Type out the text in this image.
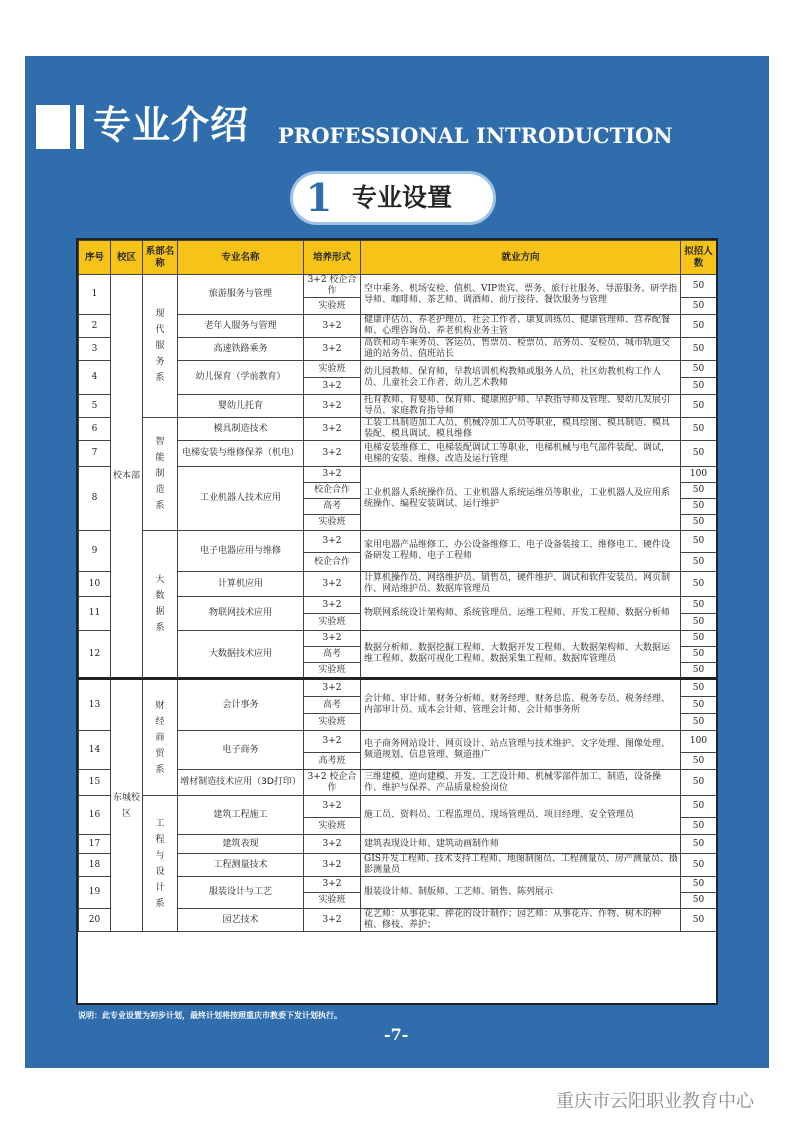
专业介绍 PROFESSIONAL INTRODUCTION
1 专业设置
序号	校区	系部名称	专业名称	培养形式	就业方向	拟招人数
1	校本部	现代服务系	旅游服务与管理	3+2 校企合作	空中乘务、机场安检、值机、VIP贵宾、票务、旅行社服务、导游服务、研学指导师、咖啡师、茶艺师、调酒师、前厅接待、餐饮服务与管理	50
				实验班		50
2			老年人服务与管理	3+2	健康评估员、养老护理员、社会工作者、康复训练员、健康管理师、营养配餐师、心理咨询员、养老机构业务主管	50
3			高速铁路乘务	3+2	高铁和动车乘务员、客运员、售票员、检票员、站务员、安检员、城市轨道交通的站务员、值班站长	50
4			幼儿保育（学前教育）	实验班	幼儿园教师、保育师，早教培训机构教师或服务人员，社区幼教机构工作人员、儿童社会工作者、幼儿艺术教师	50
				3+2		50
5			婴幼儿托育	3+2	托育教师、育婴师、保育师、健康照护师、早教指导师及管理、婴幼儿发展引导员、家庭教育指导师	50
6		智能制造系	模具制造技术	3+2	工装工具制造加工人员、机械冷加工人员等职业，模具绘图、模具制造、模具装配、模具调试、模具维修	50
7			电梯安装与维修保养（机电）	3+2	电梯安装维修工、电梯装配调试工等职业，电梯机械与电气部件装配、调试，电梯的安装、维修、改造及运行管理	50
8			工业机器人技术应用	3+2	工业机器人系统操作员、工业机器人系统运维员等职业，工业机器人及应用系统操作、编程安装调试、运行维护	100
				校企合作		50
				高考		50
				实验班		50
9		大数据系	电子电器应用与维修	3+2	家用电器产品维修工、办公设备维修工、电子设备装接工、维修电工、硬件设备研发工程师、电子工程师	50
				校企合作		50
10			计算机应用	3+2	计算机操作员、网络维护员、销售员，硬件维护、调试和软件安装员、网页制作、网站维护员、数据库管理员	50
11			物联网技术应用	3+2	物联网系统设计架构师、系统管理员、运维工程师、开发工程师、数据分析师	50
				实验班		50
12			大数据技术应用	3+2	数据分析师、数据挖掘工程师、大数据开发工程师、大数据架构师、大数据运维工程师、数据可视化工程师、数据采集工程师、数据库管理员	50
				高考		50
				实验班		50
13	东城校区	财经商贸系	会计事务	3+2	会计师、审计师、财务分析师、财务经理、财务总监、税务专员、税务经理、内部审计员、成本会计师、管理会计师、会计师事务所	50
				高考		50
				实验班		50
14			电子商务	3+2	电子商务网站设计、网页设计、站点管理与技术维护、文字处理、图像处理、频道规划、信息管理、频道推广	100
				高考班		50
15			增材制造技术应用（3D打印）	3+2 校企合作	三维建模、逆向建模、开发、工艺设计师、机械零部件加工、制造，设备操作、维护与保养、产品质量检验岗位	50
16		工程与设计系	建筑工程施工	3+2	施工员、资料员、工程监理员、现场管理员、项目经理、安全管理员	50
				实验班		50
17			建筑表现	3+2	建筑表现设计师、建筑动画制作师	50
18			工程测量技术	3+2	GIS开发工程师、技术支持工程师、地图制图员、工程测量员、房产测量员、摄影测量员	50
19			服装设计与工艺	3+2	服装设计师、制版师、工艺师、销售、陈列展示	50
				实验班		50
20			园艺技术	3+2	花艺师：从事花束、捧花的设计制作；园艺师：从事花卉、作物、树木的种植、修枝、养护；	50
说明：此专业设置为初步计划，最终计划将按照重庆市教委下发计划执行。
-7-
重庆市云阳职业教育中心
